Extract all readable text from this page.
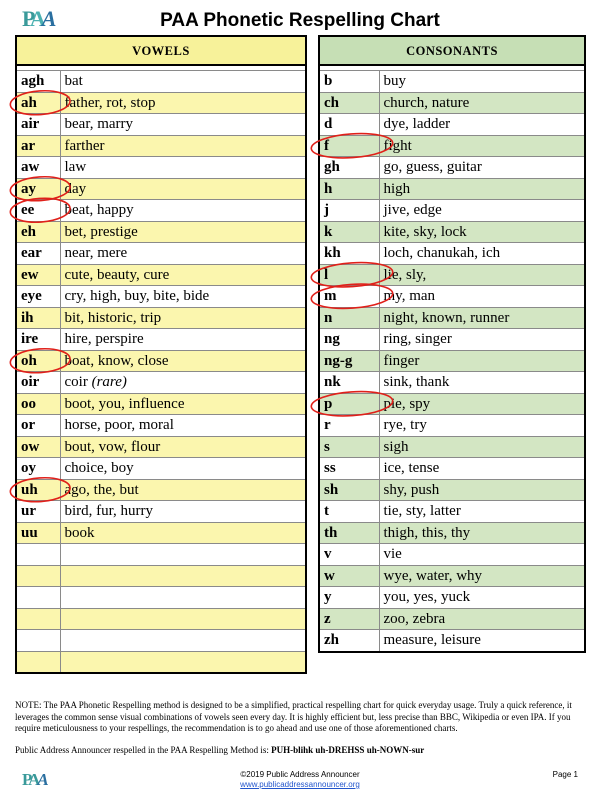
PAA	PAA Phonetic Respelling Chart
VOWELS	

agh	bat
ah	father, rot, stop
air	bear, marry
ar	farther
aw	law
ay	day
ee	beat, happy
eh	bet, prestige
ear	near, mere
ew	cute, beauty, cure
eye	cry, high, buy, bite, bide
ih	bit, historic, trip
ire	hire, perspire
oh	boat, know, close
oir	coir (rare)
oo	boot, you, influence
or	horse, poor, moral
ow	bout, vow, flour
oy	choice, boy
uh	ago, the, but
ur	bird, fur, hurry
uu	book

CONSONANTS	

b	buy
ch	church, nature
d	dye, ladder
f	fight
gh	go, guess, guitar
h	high
j	jive, edge
k	kite, sky, lock
kh	loch, chanukah, ich
l	lie, sly,
m	my, man
n	night, known, runner
ng	ring, singer
ng-g	finger
nk	sink, thank
p	pie, spy
r	rye, try
s	sigh
ss	ice, tense
sh	shy, push
t	tie, sty, latter
th	thigh, this, thy
v	vie
w	wye, water, why
y	you, yes, yuck
z	zoo, zebra
zh	measure, leisure
NOTE: The PAA Phonetic Respelling method is designed to be a simplified, practical respelling chart for quick everyday usage. Truly a quick reference, it leverages the common sense visual combinations of vowels seen every day. It is highly efficient but, less precise than BBC, Wikipedia or even IPA. If you require meticulousness to your respellings, the recommendation is to go ahead and use one of those aforementioned charts.
Public Address Announcer respelled in the PAA Respelling Method is: PUH-blihk uh-DREHSS uh-NOWN-sur
PAA	©2019 Public Address Announcer
www.publicaddressannouncer.org
Page 1
